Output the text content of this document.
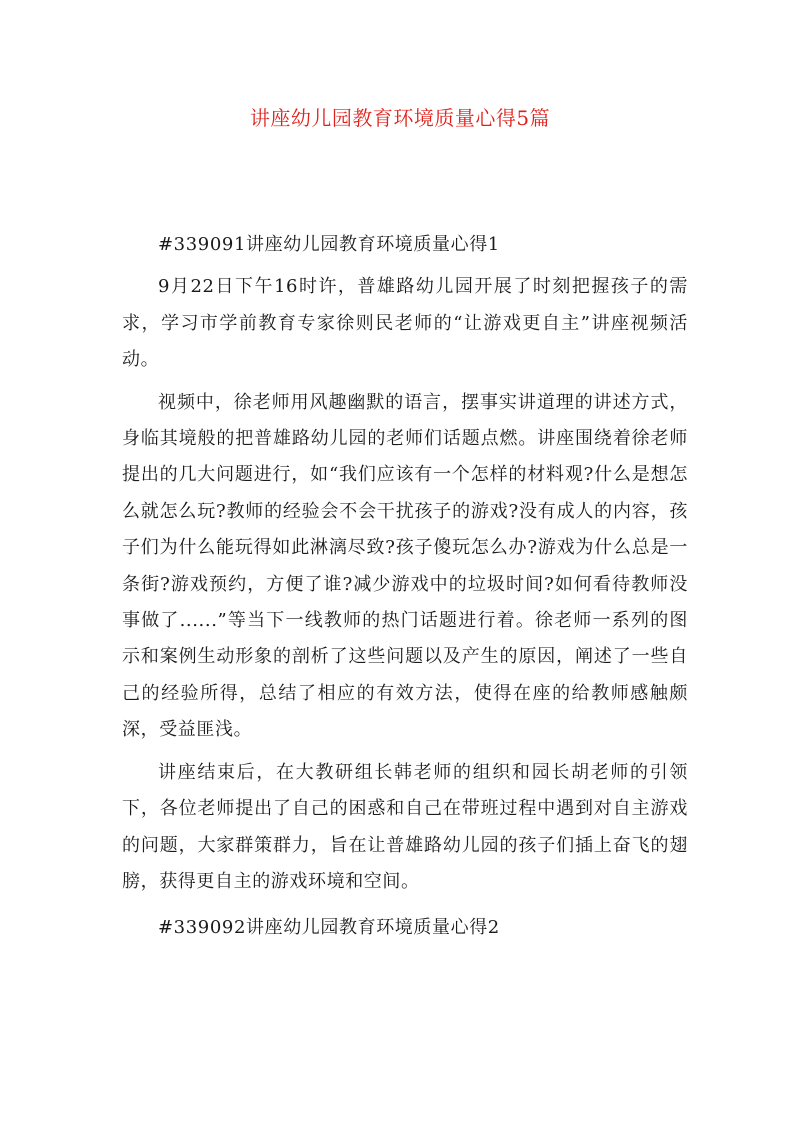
讲座幼儿园教育环境质量心得5篇

#339091讲座幼儿园教育环境质量心得1

9月22日下午16时许，普雄路幼儿园开展了时刻把握孩子的需求，学习市学前教育专家徐则民老师的“让游戏更自主”讲座视频活动。

视频中，徐老师用风趣幽默的语言，摆事实讲道理的讲述方式，身临其境般的把普雄路幼儿园的老师们话题点燃。讲座围绕着徐老师提出的几大问题进行，如“我们应该有一个怎样的材料观?什么是想怎么就怎么玩?教师的经验会不会干扰孩子的游戏?没有成人的内容，孩子们为什么能玩得如此淋漓尽致?孩子傻玩怎么办?游戏为什么总是一条街?游戏预约，方便了谁?减少游戏中的垃圾时间?如何看待教师没事做了......”等当下一线教师的热门话题进行着。徐老师一系列的图示和案例生动形象的剖析了这些问题以及产生的原因，阐述了一些自己的经验所得，总结了相应的有效方法，使得在座的给教师感触颇深，受益匪浅。

讲座结束后，在大教研组长韩老师的组织和园长胡老师的引领下，各位老师提出了自己的困惑和自己在带班过程中遇到对自主游戏的问题，大家群策群力，旨在让普雄路幼儿园的孩子们插上奋飞的翅膀，获得更自主的游戏环境和空间。

#339092讲座幼儿园教育环境质量心得2
